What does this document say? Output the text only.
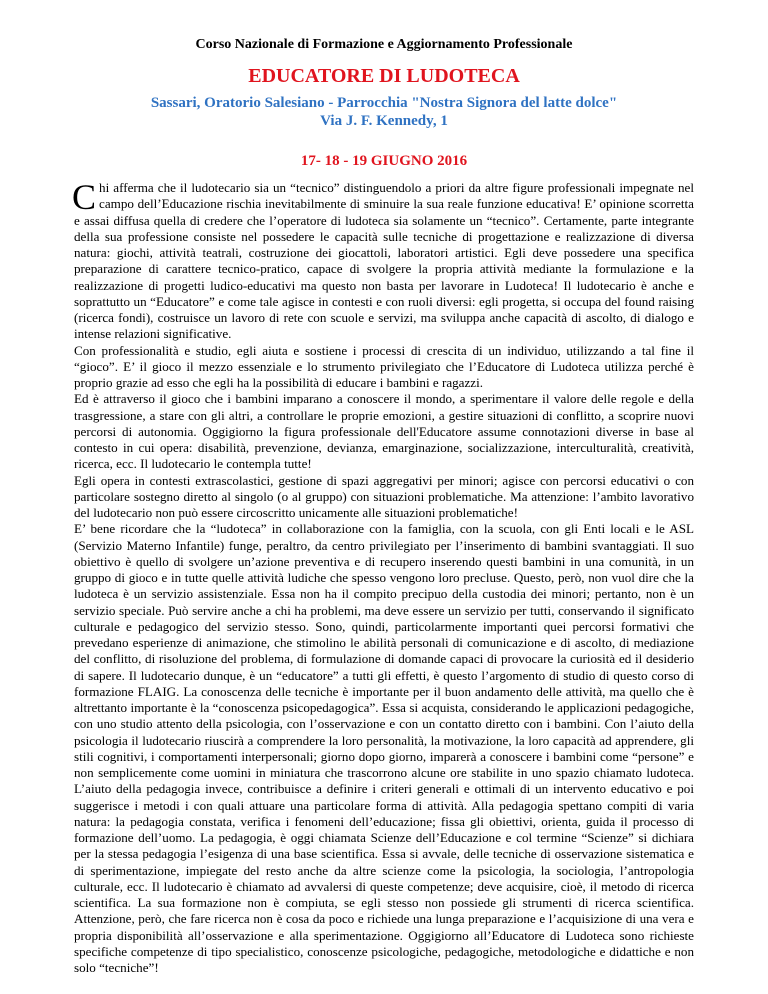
Corso Nazionale di Formazione e Aggiornamento Professionale

EDUCATORE DI LUDOTECA

Sassari, Oratorio Salesiano - Parrocchia "Nostra Signora del latte dolce"

Via J. F. Kennedy, 1

17- 18 - 19 GIUGNO 2016

Chi afferma che il ludotecario sia un “tecnico” distinguendolo a priori da altre figure professionali impegnate nel campo dell’Educazione rischia inevitabilmente di sminuire la sua reale funzione educativa! E’ opinione scorretta e assai diffusa quella di credere che l’operatore di ludoteca sia solamente un “tecnico”. Certamente, parte integrante della sua professione consiste nel possedere le capacità sulle tecniche di progettazione e realizzazione di diversa natura: giochi, attività teatrali, costruzione dei giocattoli, laboratori artistici. Egli deve possedere una specifica preparazione di carattere tecnico-pratico, capace di svolgere la propria attività mediante la formulazione e la realizzazione di progetti ludico-educativi ma questo non basta per lavorare in Ludoteca! Il ludotecario è anche e soprattutto un “Educatore” e come tale agisce in contesti e con ruoli diversi: egli progetta, si occupa del found raising (ricerca fondi), costruisce un lavoro di rete con scuole e servizi, ma sviluppa anche capacità di ascolto, di dialogo e intense relazioni significative.

Con professionalità e studio, egli aiuta e sostiene i processi di crescita di un individuo, utilizzando a tal fine il “gioco”. E’ il gioco il mezzo essenziale e lo strumento privilegiato che l’Educatore di Ludoteca utilizza perché è proprio grazie ad esso che egli ha la possibilità di educare i bambini e ragazzi.

Ed è attraverso il gioco che i bambini imparano a conoscere il mondo, a sperimentare il valore delle regole e della trasgressione, a stare con gli altri, a controllare le proprie emozioni, a gestire situazioni di conflitto, a scoprire nuovi percorsi di autonomia. Oggigiorno la figura professionale dell'Educatore assume connotazioni diverse in base al contesto in cui opera: disabilità, prevenzione, devianza, emarginazione, socializzazione, interculturalità, creatività, ricerca, ecc. Il ludotecario le contempla tutte!

Egli opera in contesti extrascolastici, gestione di spazi aggregativi per minori; agisce con percorsi educativi o con particolare sostegno diretto al singolo (o al gruppo) con situazioni problematiche. Ma attenzione: l’ambito lavorativo del ludotecario non può essere circoscritto unicamente alle situazioni problematiche!

E’ bene ricordare che la “ludoteca” in collaborazione con la famiglia, con la scuola, con gli Enti locali e le ASL (Servizio Materno Infantile) funge, peraltro, da centro privilegiato per l’inserimento di bambini svantaggiati. Il suo obiettivo è quello di svolgere un’azione preventiva e di recupero inserendo questi bambini in una comunità, in un gruppo di gioco e in tutte quelle attività ludiche che spesso vengono loro precluse. Questo, però, non vuol dire che la ludoteca è un servizio assistenziale. Essa non ha il compito precipuo della custodia dei minori; pertanto, non è un servizio speciale. Può servire anche a chi ha problemi, ma deve essere un servizio per tutti, conservando il significato culturale e pedagogico del servizio stesso. Sono, quindi, particolarmente importanti quei percorsi formativi che prevedano esperienze di animazione, che stimolino le abilità personali di comunicazione e di ascolto, di mediazione del conflitto, di risoluzione del problema, di formulazione di domande capaci di provocare la curiosità ed il desiderio di sapere. Il ludotecario dunque, è un “educatore” a tutti gli effetti, è questo l’argomento di studio di questo corso di formazione FLAIG. La conoscenza delle tecniche è importante per il buon andamento delle attività, ma quello che è altrettanto importante è la “conoscenza psicopedagogica”. Essa si acquista, considerando le applicazioni pedagogiche, con uno studio attento della psicologia, con l’osservazione e con un contatto diretto con i bambini. Con l’aiuto della psicologia il ludotecario riuscirà a comprendere la loro personalità, la motivazione, la loro capacità ad apprendere, gli stili cognitivi, i comportamenti interpersonali; giorno dopo giorno, imparerà a conoscere i bambini come “persone” e non semplicemente come uomini in miniatura che trascorrono alcune ore stabilite in uno spazio chiamato ludoteca. L’aiuto della pedagogia invece, contribuisce a definire i criteri generali e ottimali di un intervento educativo e poi suggerisce i metodi i con quali attuare una particolare forma di attività. Alla pedagogia spettano compiti di varia natura: la pedagogia constata, verifica i fenomeni dell’educazione; fissa gli obiettivi, orienta, guida il processo di formazione dell’uomo. La pedagogia, è oggi chiamata Scienze dell’Educazione e col termine “Scienze” si dichiara per la stessa pedagogia l’esigenza di una base scientifica. Essa si avvale, delle tecniche di osservazione sistematica e di sperimentazione, impiegate del resto anche da altre scienze come la psicologia, la sociologia, l’antropologia culturale, ecc. Il ludotecario è chiamato ad avvalersi di queste competenze; deve acquisire, cioè, il metodo di ricerca scientifica. La sua formazione non è compiuta, se egli stesso non possiede gli strumenti di ricerca scientifica. Attenzione, però, che fare ricerca non è cosa da poco e richiede una lunga preparazione e l’acquisizione di una vera e propria disponibilità all’osservazione e alla sperimentazione. Oggigiorno all’Educatore di Ludoteca sono richieste specifiche competenze di tipo specialistico, conoscenze psicologiche, pedagogiche, metodologiche e didattiche e non solo “tecniche”!
